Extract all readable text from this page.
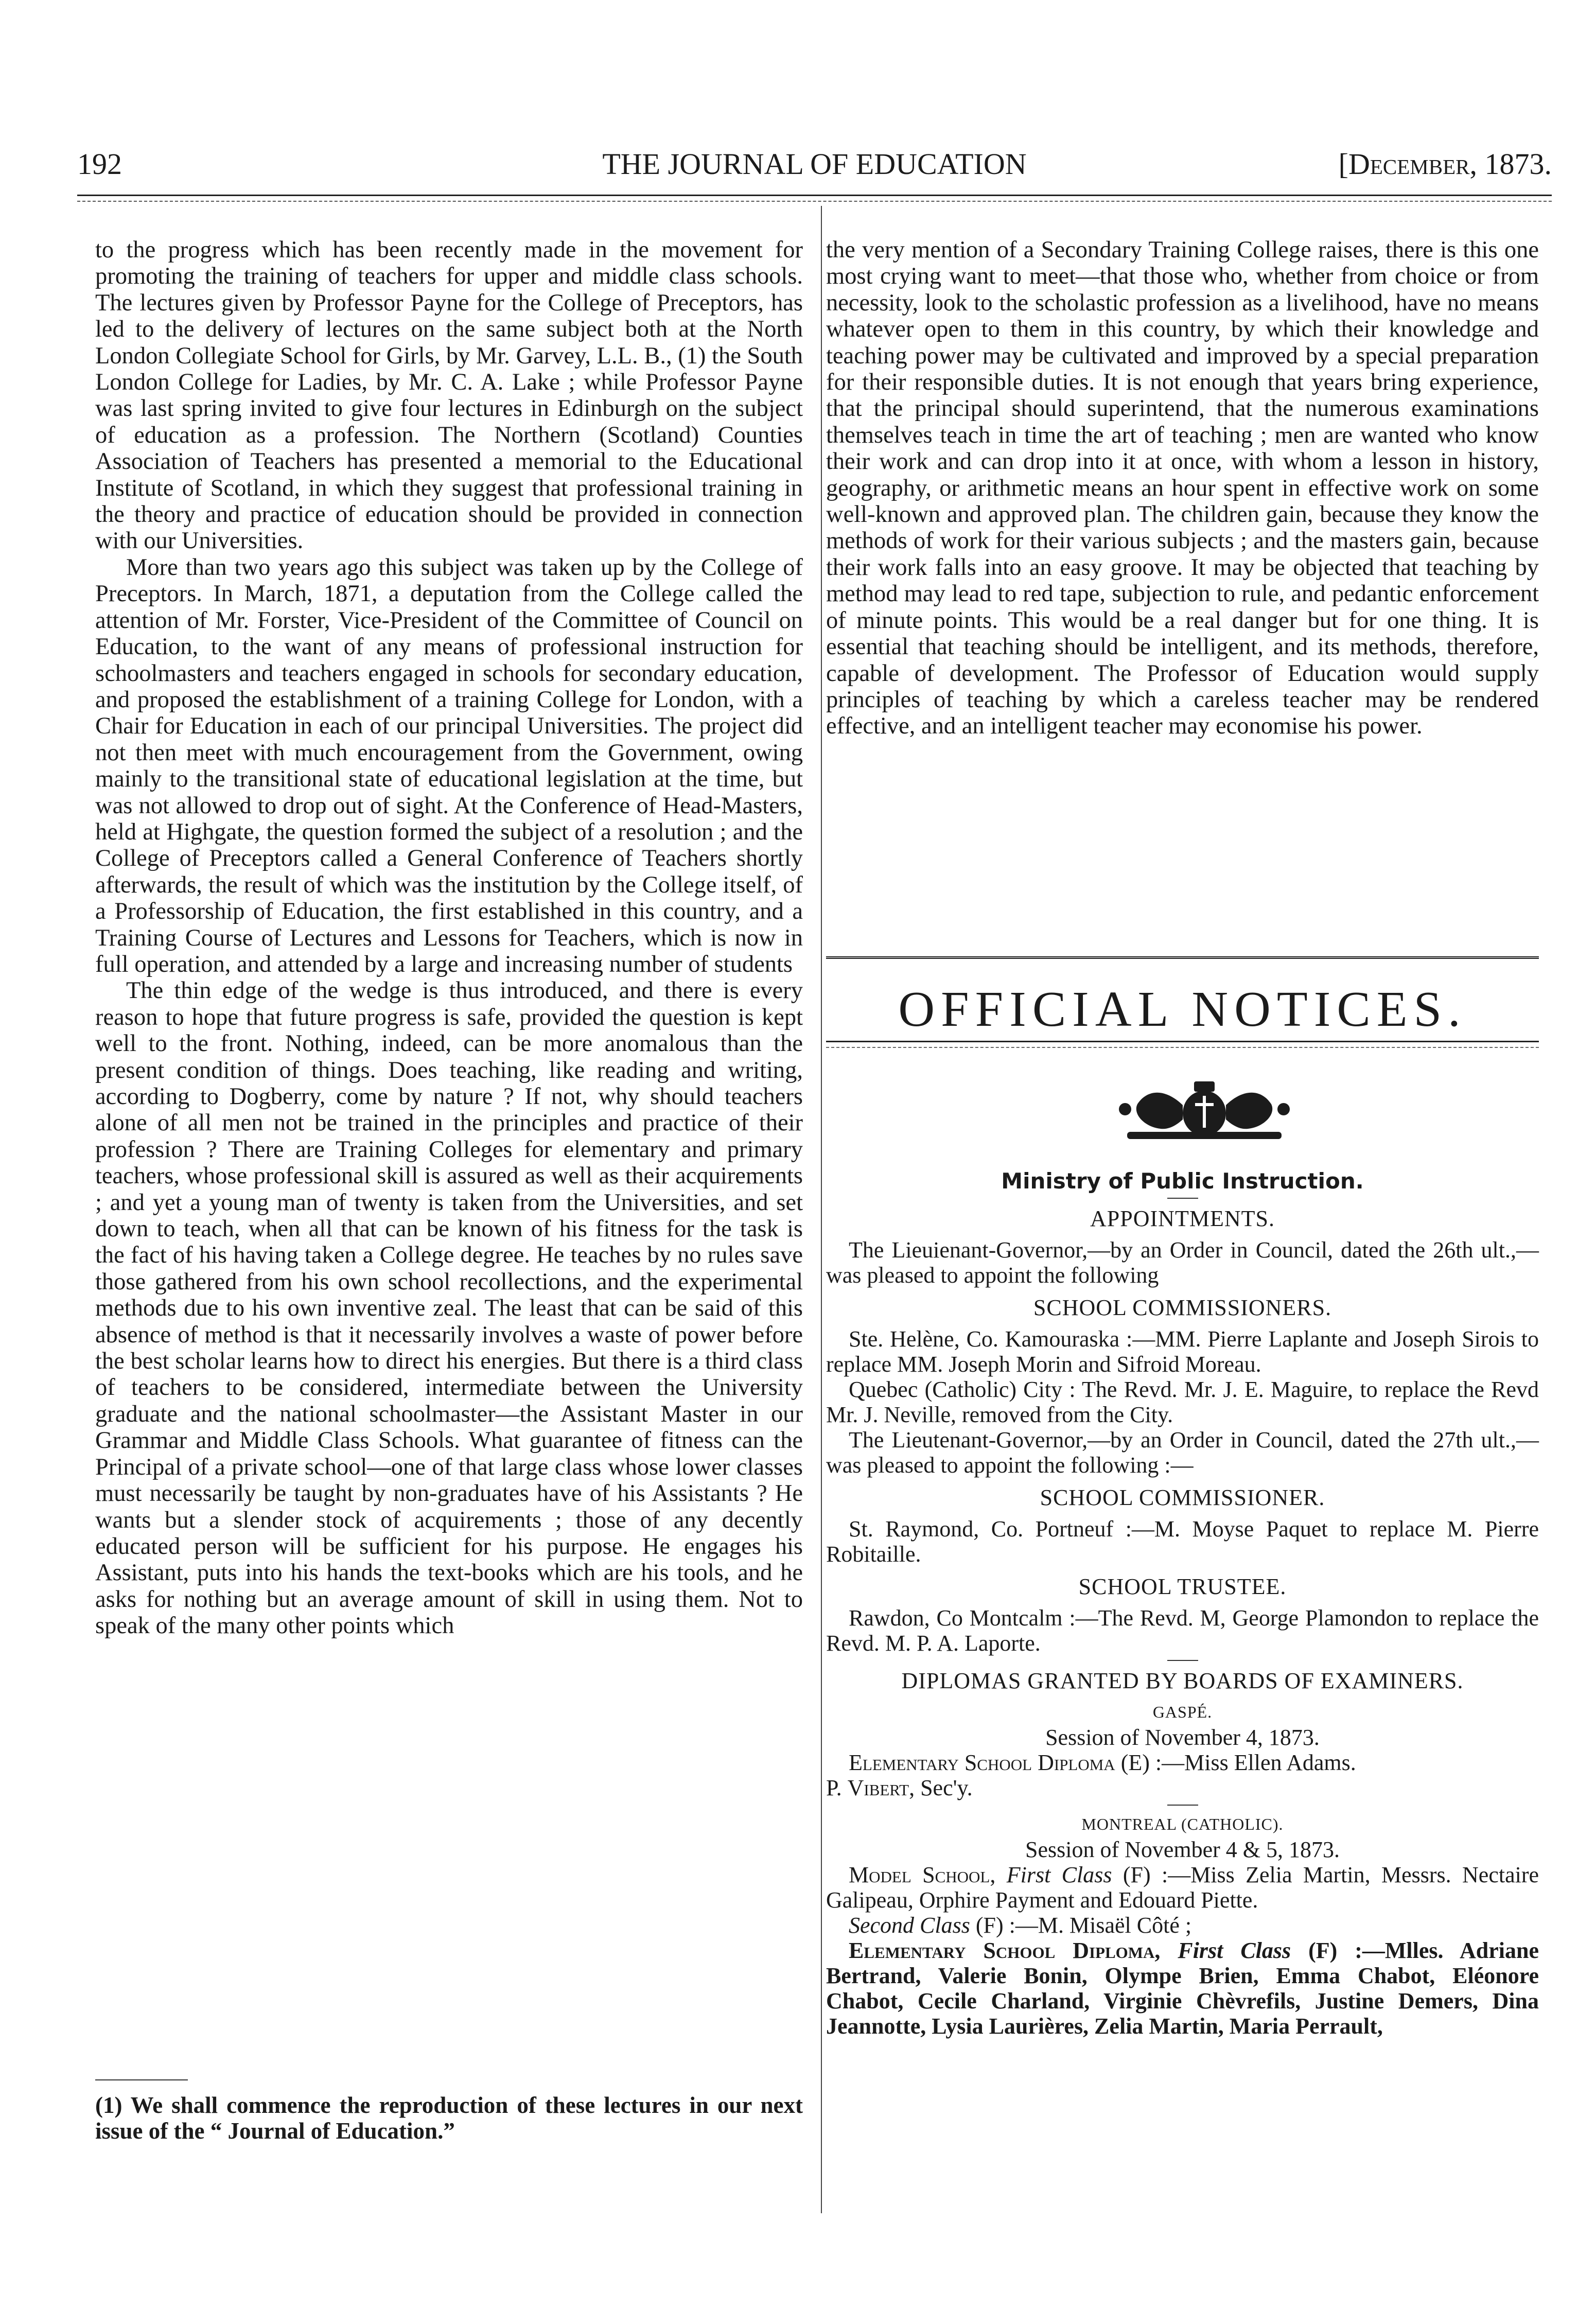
192	THE JOURNAL OF EDUCATION	[December, 1873.

to the progress which has been recently made in the movement for promoting the training of teachers for upper and middle class schools. The lectures given by Professor Payne for the College of Preceptors, has led to the delivery of lectures on the same subject both at the North London Collegiate School for Girls, by Mr. Garvey, L.L. B., (1) the South London College for Ladies, by Mr. C. A. Lake ; while Professor Payne was last spring invited to give four lectures in Edinburgh on the subject of education as a profession. The Northern (Scotland) Counties Association of Teachers has presented a memorial to the Educational Institute of Scotland, in which they suggest that professional training in the theory and practice of education should be provided in connection with our Universities.

More than two years ago this subject was taken up by the College of Preceptors. In March, 1871, a deputation from the College called the attention of Mr. Forster, Vice-President of the Committee of Council on Education, to the want of any means of professional instruction for schoolmasters and teachers engaged in schools for secondary education, and proposed the establishment of a training College for London, with a Chair for Education in each of our principal Universities. The project did not then meet with much encouragement from the Government, owing mainly to the transitional state of educational legislation at the time, but was not allowed to drop out of sight. At the Conference of Head-Masters, held at Highgate, the question formed the subject of a resolution ; and the College of Preceptors called a General Conference of Teachers shortly afterwards, the result of which was the institution by the College itself, of a Professorship of Education, the first established in this country, and a Training Course of Lectures and Lessons for Teachers, which is now in full operation, and attended by a large and increasing number of students

The thin edge of the wedge is thus introduced, and there is every reason to hope that future progress is safe, provided the question is kept well to the front. Nothing, indeed, can be more anomalous than the present condition of things. Does teaching, like reading and writing, according to Dogberry, come by nature ? If not, why should teachers alone of all men not be trained in the principles and practice of their profession ? There are Training Colleges for elementary and primary teachers, whose professional skill is assured as well as their acquirements ; and yet a young man of twenty is taken from the Universities, and set down to teach, when all that can be known of his fitness for the task is the fact of his having taken a College degree. He teaches by no rules save those gathered from his own school recollections, and the experimental methods due to his own inventive zeal. The least that can be said of this absence of method is that it necessarily involves a waste of power before the best scholar learns how to direct his energies. But there is a third class of teachers to be considered, intermediate between the University graduate and the national schoolmaster—the Assistant Master in our Grammar and Middle Class Schools. What guarantee of fitness can the Principal of a private school—one of that large class whose lower classes must necessarily be taught by non-graduates have of his Assistants ? He wants but a slender stock of acquirements ; those of any decently educated person will be sufficient for his purpose. He engages his Assistant, puts into his hands the text-books which are his tools, and he asks for nothing but an average amount of skill in using them. Not to speak of the many other points which

(1) We shall commence the reproduction of these lectures in our next issue of the “ Journal of Education.”

the very mention of a Secondary Training College raises, there is this one most crying want to meet—that those who, whether from choice or from necessity, look to the scholastic profession as a livelihood, have no means whatever open to them in this country, by which their knowledge and teaching power may be cultivated and improved by a special preparation for their responsible duties. It is not enough that years bring experience, that the principal should superintend, that the numerous examinations themselves teach in time the art of teaching ; men are wanted who know their work and can drop into it at once, with whom a lesson in history, geography, or arithmetic means an hour spent in effective work on some well-known and approved plan. The children gain, because they know the methods of work for their various subjects ; and the masters gain, because their work falls into an easy groove. It may be objected that teaching by method may lead to red tape, subjection to rule, and pedantic enforcement of minute points. This would be a real danger but for one thing. It is essential that teaching should be intelligent, and its methods, therefore, capable of development. The Professor of Education would supply principles of teaching by which a careless teacher may be rendered effective, and an intelligent teacher may economise his power.

OFFICIAL NOTICES.
Ministry of Public Instruction.
APPOINTMENTS.

The Lieuienant-Governor,—by an Order in Council, dated the 26th ult.,—was pleased to appoint the following

SCHOOL COMMISSIONERS.

Ste. Helène, Co. Kamouraska :—MM. Pierre Laplante and Joseph Sirois to replace MM. Joseph Morin and Sifroid Moreau.

Quebec (Catholic) City : The Revd. Mr. J. E. Maguire, to replace the Revd Mr. J. Neville, removed from the City.

The Lieutenant-Governor,—by an Order in Council, dated the 27th ult.,—was pleased to appoint the following :—

SCHOOL COMMISSIONER.

St. Raymond, Co. Portneuf :—M. Moyse Paquet to replace M. Pierre Robitaille.

SCHOOL TRUSTEE.

Rawdon, Co Montcalm :—The Revd. M, George Plamondon to replace the Revd. M. P. A. Laporte.

DIPLOMAS GRANTED BY BOARDS OF EXAMINERS.
GASPÉ.
Session of November 4, 1873.

Elementary School Diploma (E) :—Miss Ellen Adams.

P. Vibert, Sec'y.

MONTREAL (CATHOLIC).
Session of November 4 & 5, 1873.

Model School, First Class (F) :—Miss Zelia Martin, Messrs. Nectaire Galipeau, Orphire Payment and Edouard Piette.

Second Class (F) :—M. Misaël Côté ;

Elementary School Diploma, First Class (F) :—Mlles. Adriane Bertrand, Valerie Bonin, Olympe Brien, Emma Chabot, Eléonore Chabot, Cecile Charland, Virginie Chèvrefils, Justine Demers, Dina Jeannotte, Lysia Laurières, Zelia Martin, Maria Perrault,
